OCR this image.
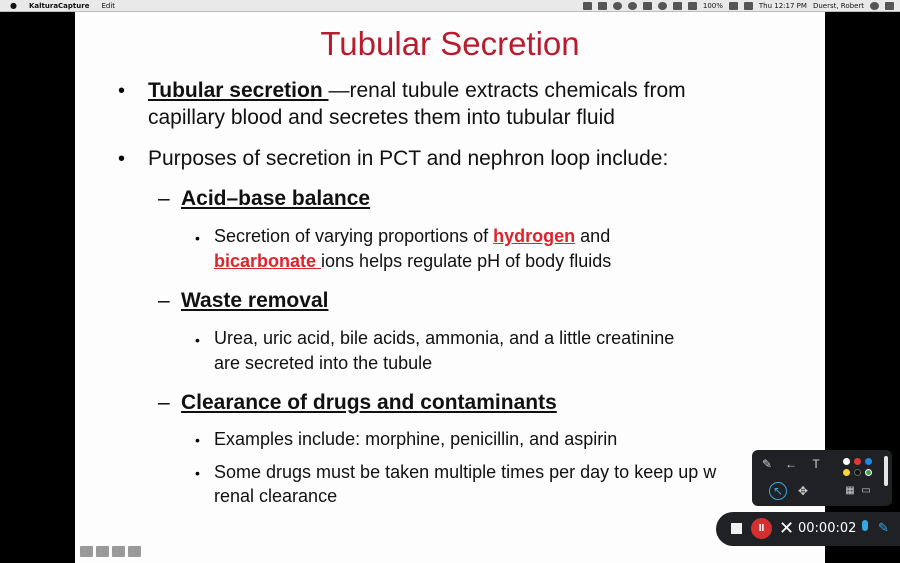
● KalturaCapture Edit	100%	Thu 12:17 PM Duerst, Robert
Tubular Secretion
• Tubular secretion —renal tubule extracts chemicals from
capillary blood and secretes them into tubular fluid
• Purposes of secretion in PCT and nephron loop include:
– Acid–base balance
• Secretion of varying proportions of hydrogen and
bicarbonate ions helps regulate pH of body fluids
– Waste removal
• Urea, uric acid, bile acids, ammonia, and a little creatinine
are secreted into the tubule
– Clearance of drugs and contaminants
• Examples include: morphine, penicillin, and aspirin
• Some drugs must be taken multiple times per day to keep up w
renal clearance
✎ ←	T
↖	✥	▦ ▭
II ✕ 00:00:02 ✎
